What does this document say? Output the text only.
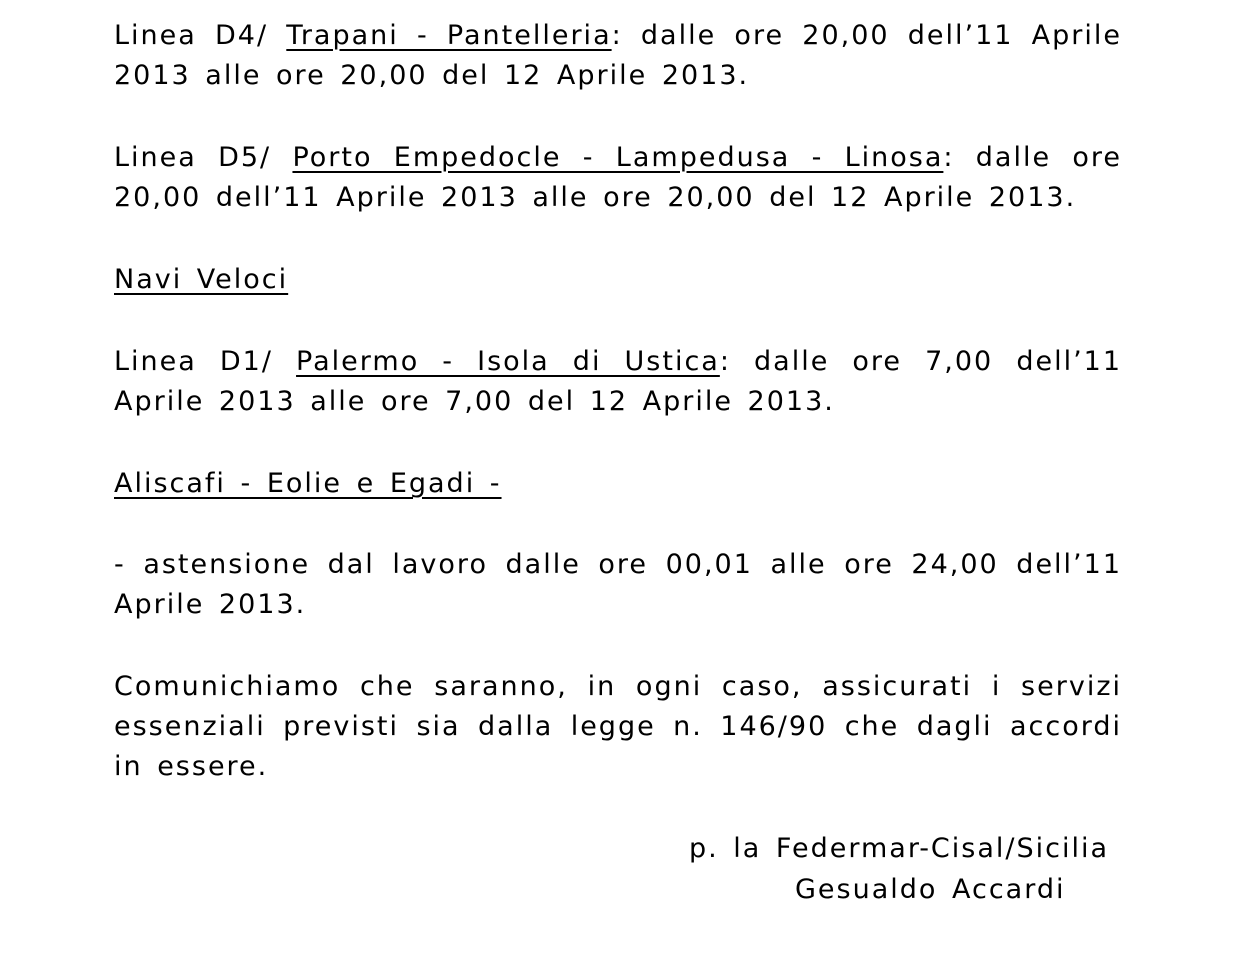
Linea D4/ Trapani - Pantelleria: dalle ore 20,00 dell’11 Aprile 2013 alle ore 20,00 del 12 Aprile 2013.

Linea D5/ Porto Empedocle - Lampedusa - Linosa: dalle ore 20,00 dell’11 Aprile 2013 alle ore 20,00 del 12 Aprile 2013.

Navi Veloci

Linea D1/ Palermo - Isola di Ustica: dalle ore 7,00 dell’11 Aprile 2013 alle ore 7,00 del 12 Aprile 2013.

Aliscafi - Eolie e Egadi -

- astensione dal lavoro dalle ore 00,01 alle ore 24,00 dell’11 Aprile 2013.

Comunichiamo che saranno, in ogni caso, assicurati i servizi essenziali previsti sia dalla legge n. 146/90 che dagli accordi in essere.

p. la Federmar-Cisal/Sicilia

Gesualdo Accardi
